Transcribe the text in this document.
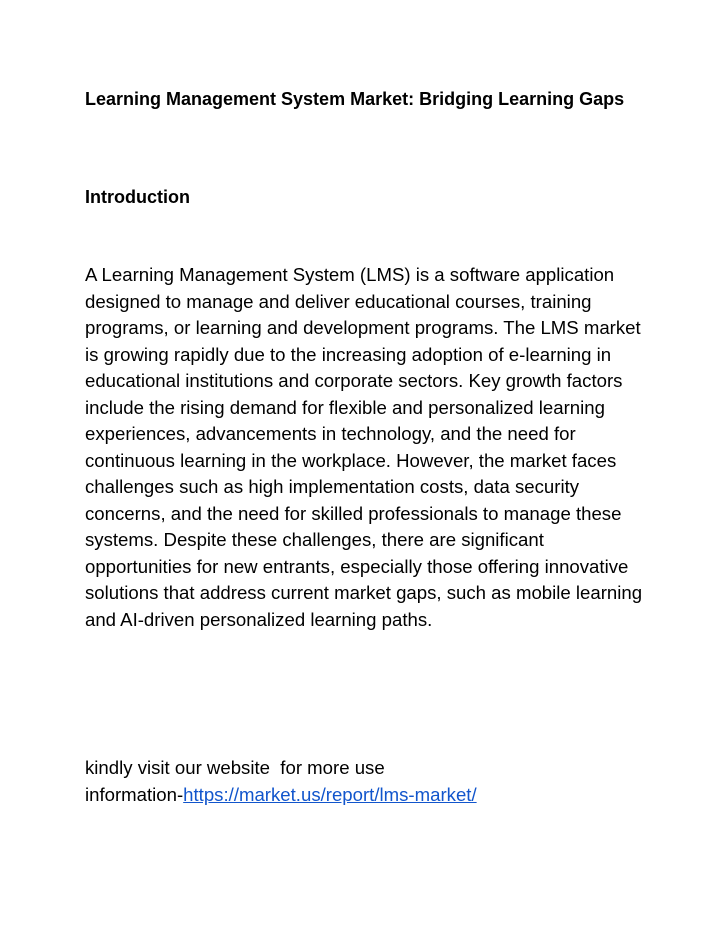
Learning Management System Market: Bridging Learning Gaps
Introduction

A Learning Management System (LMS) is a software application designed to manage and deliver educational courses, training programs, or learning and development programs. The LMS market is growing rapidly due to the increasing adoption of e-learning in educational institutions and corporate sectors. Key growth factors include the rising demand for flexible and personalized learning experiences, advancements in technology, and the need for continuous learning in the workplace. However, the market faces challenges such as high implementation costs, data security concerns, and the need for skilled professionals to manage these systems. Despite these challenges, there are significant opportunities for new entrants, especially those offering innovative solutions that address current market gaps, such as mobile learning and AI-driven personalized learning paths.

kindly visit our website  for more use
information-https://market.us/report/lms-market/
